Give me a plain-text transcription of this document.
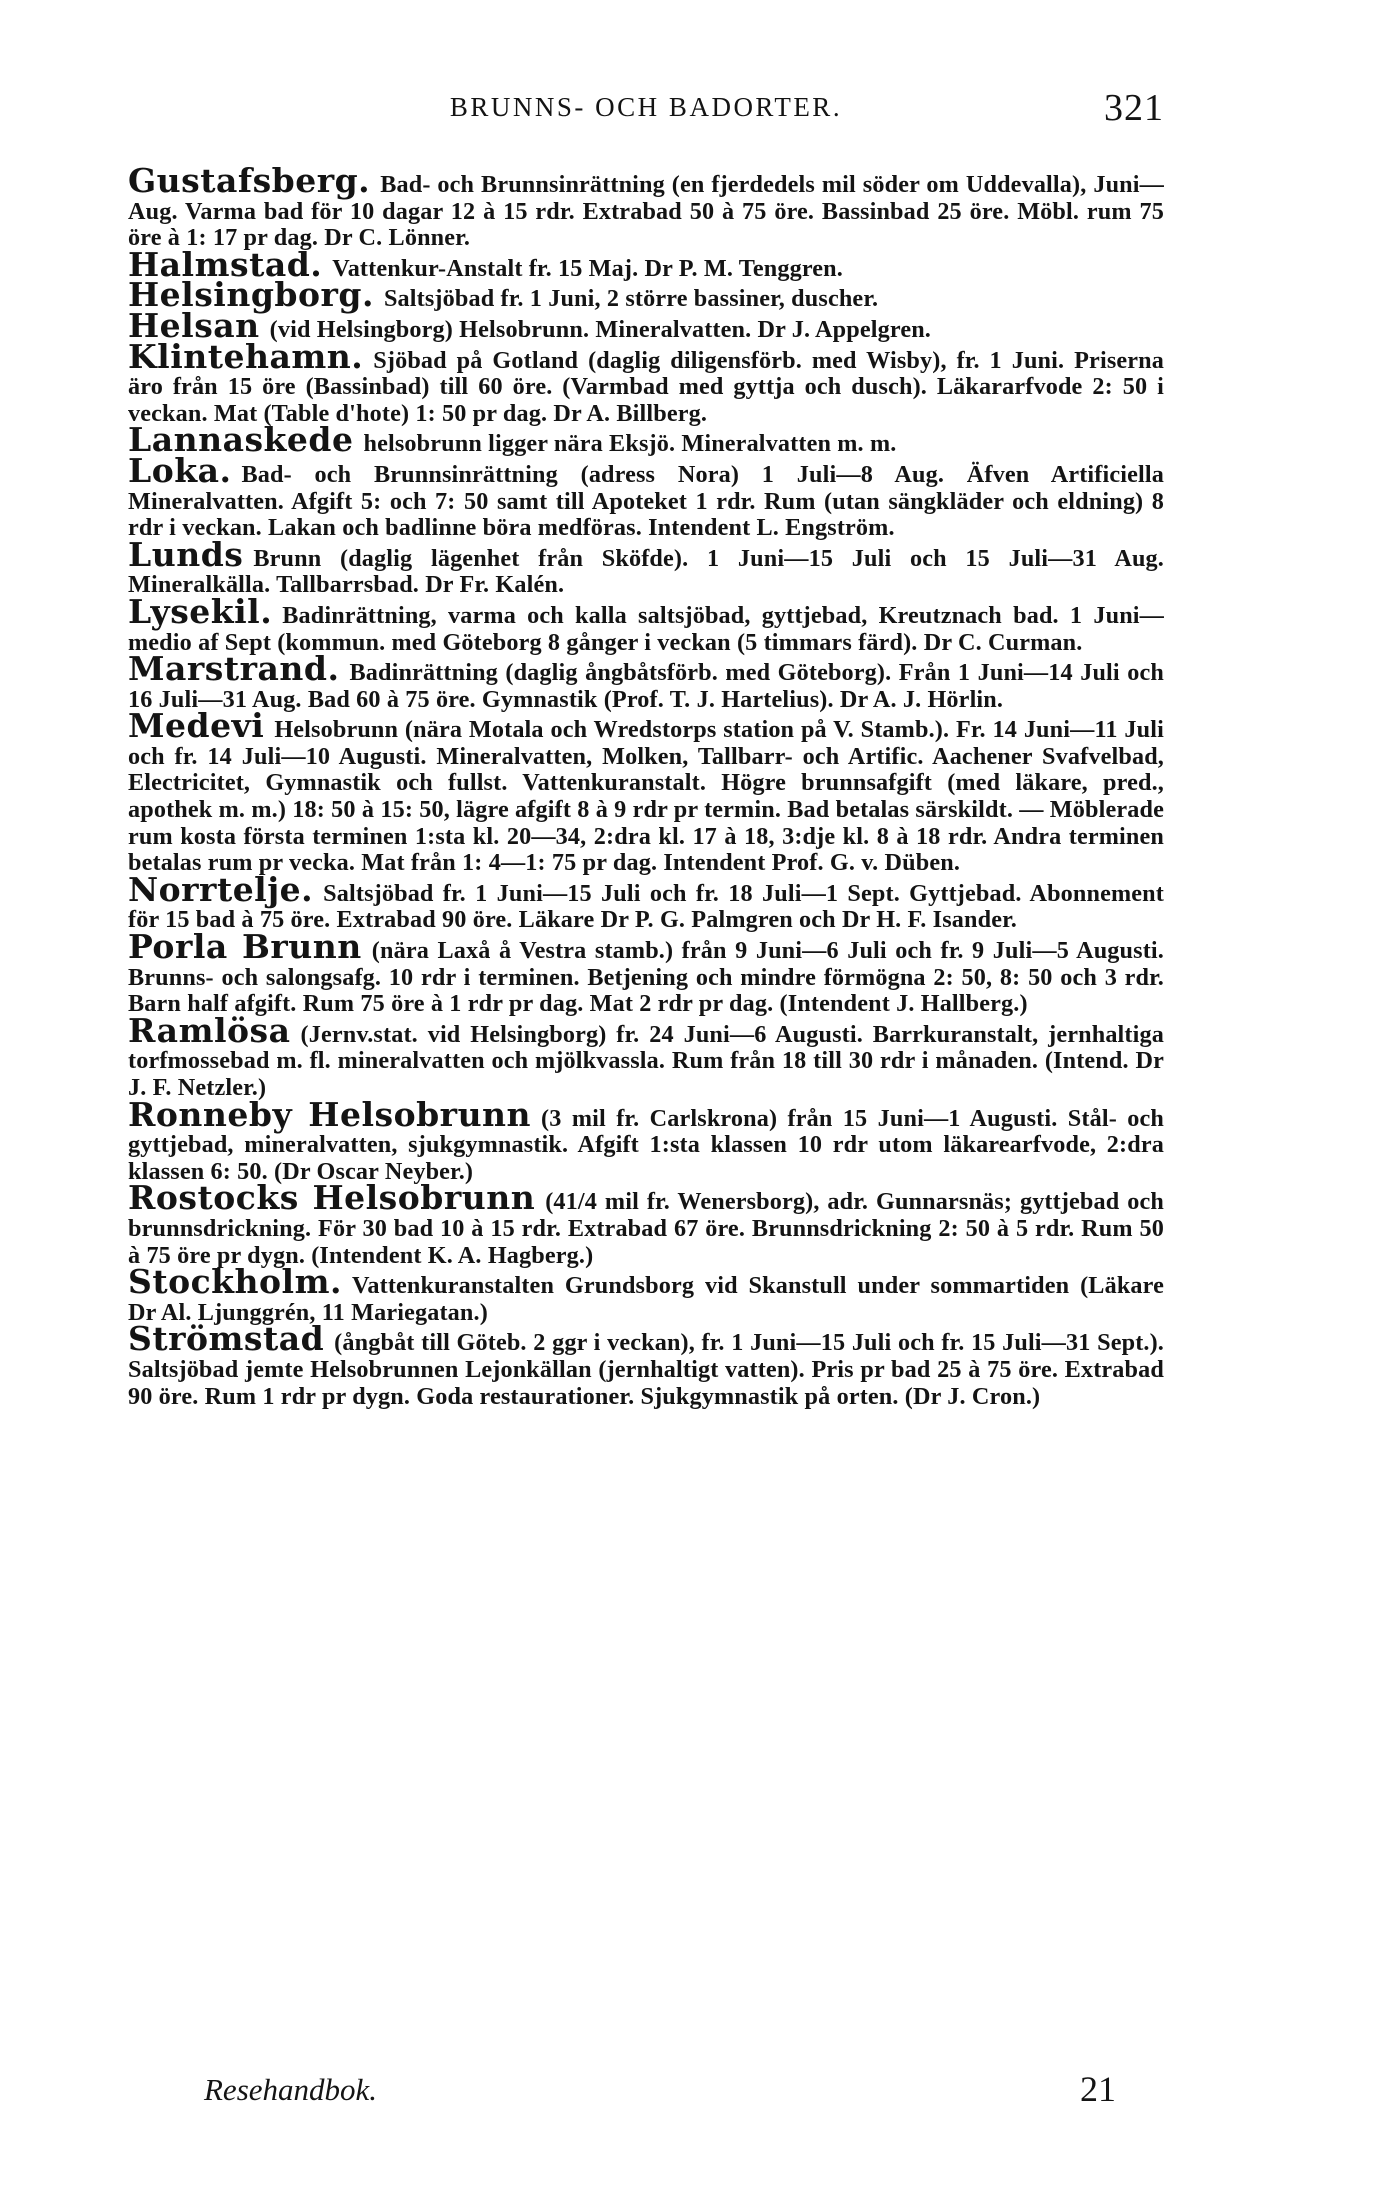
BRUNNS- OCH BADORTER.	321

Gustafsberg. Bad- och Brunnsinrättning (en fjerdedels mil söder om Uddevalla), Juni—Aug. Varma bad för 10 dagar 12 à 15 rdr. Extrabad 50 à 75 öre. Bassinbad 25 öre. Möbl. rum 75 öre à 1: 17 pr dag. Dr C. Lönner.

Halmstad. Vattenkur-Anstalt fr. 15 Maj. Dr P. M. Tenggren.

Helsingborg. Saltsjöbad fr. 1 Juni, 2 större bassiner, duscher.

Helsan (vid Helsingborg) Helsobrunn. Mineralvatten. Dr J. Appelgren.

Klintehamn. Sjöbad på Gotland (daglig diligensförb. med Wisby), fr. 1 Juni. Priserna äro från 15 öre (Bassinbad) till 60 öre. (Varmbad med gyttja och dusch). Läkararfvode 2: 50 i veckan. Mat (Table d'hote) 1: 50 pr dag. Dr A. Billberg.

Lannaskede helsobrunn ligger nära Eksjö. Mineralvatten m. m.

Loka. Bad- och Brunnsinrättning (adress Nora) 1 Juli—8 Aug. Äfven Artificiella Mineralvatten. Afgift 5: och 7: 50 samt till Apoteket 1 rdr. Rum (utan sängkläder och eldning) 8 rdr i veckan. Lakan och badlinne böra medföras. Intendent L. Engström.

Lunds Brunn (daglig lägenhet från Sköfde). 1 Juni—15 Juli och 15 Juli—31 Aug. Mineralkälla. Tallbarrsbad. Dr Fr. Kalén.

Lysekil. Badinrättning, varma och kalla saltsjöbad, gyttjebad, Kreutznach bad. 1 Juni—medio af Sept (kommun. med Göteborg 8 gånger i veckan (5 timmars färd). Dr C. Curman.

Marstrand. Badinrättning (daglig ångbåtsförb. med Göteborg). Från 1 Juni—14 Juli och 16 Juli—31 Aug. Bad 60 à 75 öre. Gymnastik (Prof. T. J. Hartelius). Dr A. J. Hörlin.

Medevi Helsobrunn (nära Motala och Wredstorps station på V. Stamb.). Fr. 14 Juni—11 Juli och fr. 14 Juli—10 Augusti. Mineralvatten, Molken, Tallbarr- och Artific. Aachener Svafvelbad, Electricitet, Gymnastik och fullst. Vattenkuranstalt. Högre brunnsafgift (med läkare, pred., apothek m. m.) 18: 50 à 15: 50, lägre afgift 8 à 9 rdr pr termin. Bad betalas särskildt. — Möblerade rum kosta första terminen 1:sta kl. 20—34, 2:dra kl. 17 à 18, 3:dje kl. 8 à 18 rdr. Andra terminen betalas rum pr vecka. Mat från 1: 4—1: 75 pr dag. Intendent Prof. G. v. Düben.

Norrtelje. Saltsjöbad fr. 1 Juni—15 Juli och fr. 18 Juli—1 Sept. Gyttjebad. Abonnement för 15 bad à 75 öre. Extrabad 90 öre. Läkare Dr P. G. Palmgren och Dr H. F. Isander.

Porla Brunn (nära Laxå å Vestra stamb.) från 9 Juni—6 Juli och fr. 9 Juli—5 Augusti. Brunns- och salongsafg. 10 rdr i terminen. Betjening och mindre förmögna 2: 50, 8: 50 och 3 rdr. Barn half afgift. Rum 75 öre à 1 rdr pr dag. Mat 2 rdr pr dag. (Intendent J. Hallberg.)

Ramlösa (Jernv.stat. vid Helsingborg) fr. 24 Juni—6 Augusti. Barrkuranstalt, jernhaltiga torfmossebad m. fl. mineralvatten och mjölkvassla. Rum från 18 till 30 rdr i månaden. (Intend. Dr J. F. Netzler.)

Ronneby Helsobrunn (3 mil fr. Carlskrona) från 15 Juni—1 Augusti. Stål- och gyttjebad, mineralvatten, sjukgymnastik. Afgift 1:sta klassen 10 rdr utom läkarearfvode, 2:dra klassen 6: 50. (Dr Oscar Neyber.)

Rostocks Helsobrunn (41/4 mil fr. Wenersborg), adr. Gunnarsnäs; gyttjebad och brunnsdrickning. För 30 bad 10 à 15 rdr. Extrabad 67 öre. Brunnsdrickning 2: 50 à 5 rdr. Rum 50 à 75 öre pr dygn. (Intendent K. A. Hagberg.)

Stockholm. Vattenkuranstalten Grundsborg vid Skanstull under sommartiden (Läkare Dr Al. Ljunggrén, 11 Mariegatan.)

Strömstad (ångbåt till Göteb. 2 ggr i veckan), fr. 1 Juni—15 Juli och fr. 15 Juli—31 Sept.). Saltsjöbad jemte Helsobrunnen Lejonkällan (jernhaltigt vatten). Pris pr bad 25 à 75 öre. Extrabad 90 öre. Rum 1 rdr pr dygn. Goda restaurationer. Sjukgymnastik på orten. (Dr J. Cron.)

Resehandbok.	21
